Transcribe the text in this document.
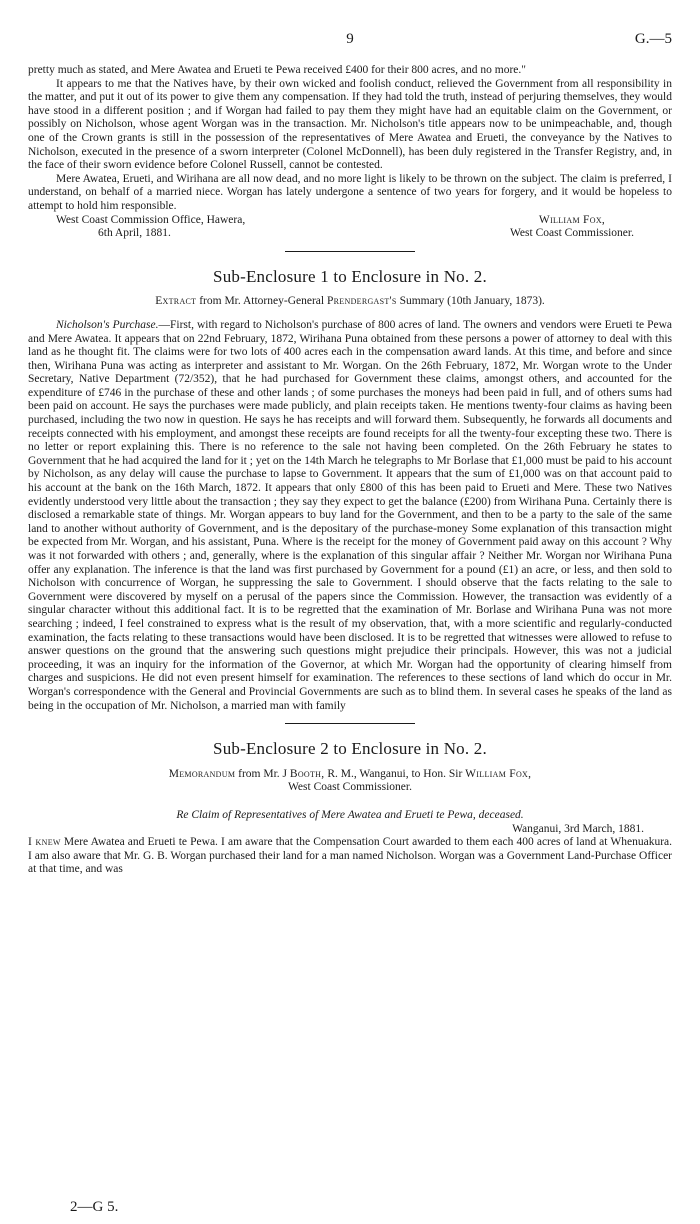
9	G.—5

pretty much as stated, and Mere Awatea and Erueti te Pewa received £400 for their 800 acres, and no more."

It appears to me that the Natives have, by their own wicked and foolish conduct, relieved the Government from all responsibility in the matter, and put it out of its power to give them any compensation. If they had told the truth, instead of perjuring themselves, they would have stood in a different position ; and if Worgan had failed to pay them they might have had an equitable claim on the Government, or possibly on Nicholson, whose agent Worgan was in the transaction. Mr. Nicholson's title appears now to be unimpeachable, and, though one of the Crown grants is still in the possession of the representatives of Mere Awatea and Erueti, the conveyance by the Natives to Nicholson, executed in the presence of a sworn interpreter (Colonel McDonnell), has been duly registered in the Transfer Registry, and, in the face of their sworn evidence before Colonel Russell, cannot be contested.

Mere Awatea, Erueti, and Wirihana are all now dead, and no more light is likely to be thrown on the subject. The claim is preferred, I understand, on behalf of a married niece. Worgan has lately undergone a sentence of two years for forgery, and it would be hopeless to attempt to hold him responsible.

West Coast Commission Office, Hawera,	William Fox,
6th April, 1881.	West Coast Commissioner.
Sub-Enclosure 1 to Enclosure in No. 2.

Extract from Mr. Attorney-General Prendergast's Summary (10th January, 1873).

Nicholson's Purchase.—First, with regard to Nicholson's purchase of 800 acres of land. The owners and vendors were Erueti te Pewa and Mere Awatea. It appears that on 22nd February, 1872, Wirihana Puna obtained from these persons a power of attorney to deal with this land as he thought fit. The claims were for two lots of 400 acres each in the compensation award lands. At this time, and before and since then, Wirihana Puna was acting as interpreter and assistant to Mr. Worgan. On the 26th February, 1872, Mr. Worgan wrote to the Under Secretary, Native Department (72/352), that he had purchased for Government these claims, amongst others, and accounted for the expenditure of £746 in the purchase of these and other lands ; of some purchases the moneys had been paid in full, and of others sums had been paid on account. He says the purchases were made publicly, and plain receipts taken. He mentions twenty-four claims as having been purchased, including the two now in question. He says he has receipts and will forward them. Subsequently, he forwards all documents and receipts connected with his employment, and amongst these receipts are found receipts for all the twenty-four excepting these two. There is no letter or report explaining this. There is no reference to the sale not having been completed. On the 26th February he states to Government that he had acquired the land for it ; yet on the 14th March he telegraphs to Mr Borlase that £1,000 must be paid to his account by Nicholson, as any delay will cause the purchase to lapse to Government. It appears that the sum of £1,000 was on that account paid to his account at the bank on the 16th March, 1872. It appears that only £800 of this has been paid to Erueti and Mere. These two Natives evidently understood very little about the transaction ; they say they expect to get the balance (£200) from Wirihana Puna. Certainly there is disclosed a remarkable state of things. Mr. Worgan appears to buy land for the Government, and then to be a party to the sale of the same land to another without authority of Government, and is the depositary of the purchase-money Some explanation of this transaction might be expected from Mr. Worgan, and his assistant, Puna. Where is the receipt for the money of Government paid away on this account ? Why was it not forwarded with others ; and, generally, where is the explanation of this singular affair ? Neither Mr. Worgan nor Wirihana Puna offer any explanation. The inference is that the land was first purchased by Government for a pound (£1) an acre, or less, and then sold to Nicholson with concurrence of Worgan, he suppressing the sale to Government. I should observe that the facts relating to the sale to Government were discovered by myself on a perusal of the papers since the Commission. However, the transaction was evidently of a singular character without this additional fact. It is to be regretted that the examination of Mr. Borlase and Wirihana Puna was not more searching ; indeed, I feel constrained to express what is the result of my observation, that, with a more scientific and regularly-conducted examination, the facts relating to these transactions would have been disclosed. It is to be regretted that witnesses were allowed to refuse to answer questions on the ground that the answering such questions might prejudice their principals. However, this was not a judicial proceeding, it was an inquiry for the information of the Governor, at which Mr. Worgan had the opportunity of clearing himself from charges and suspicions. He did not even present himself for examination. The references to these sections of land which do occur in Mr. Worgan's correspondence with the General and Provincial Governments are such as to blind them. In several cases he speaks of the land as being in the occupation of Mr. Nicholson, a married man with family

Sub-Enclosure 2 to Enclosure in No. 2.

Memorandum from Mr. J Booth, R. M., Wanganui, to Hon. Sir William Fox,

West Coast Commissioner.

Re Claim of Representatives of Mere Awatea and Erueti te Pewa, deceased.

Wanganui, 3rd March, 1881.

I knew Mere Awatea and Erueti te Pewa. I am aware that the Compensation Court awarded to them each 400 acres of land at Whenuakura. I am also aware that Mr. G. B. Worgan purchased their land for a man named Nicholson. Worgan was a Government Land-Purchase Officer at that time, and was

2—G 5.
